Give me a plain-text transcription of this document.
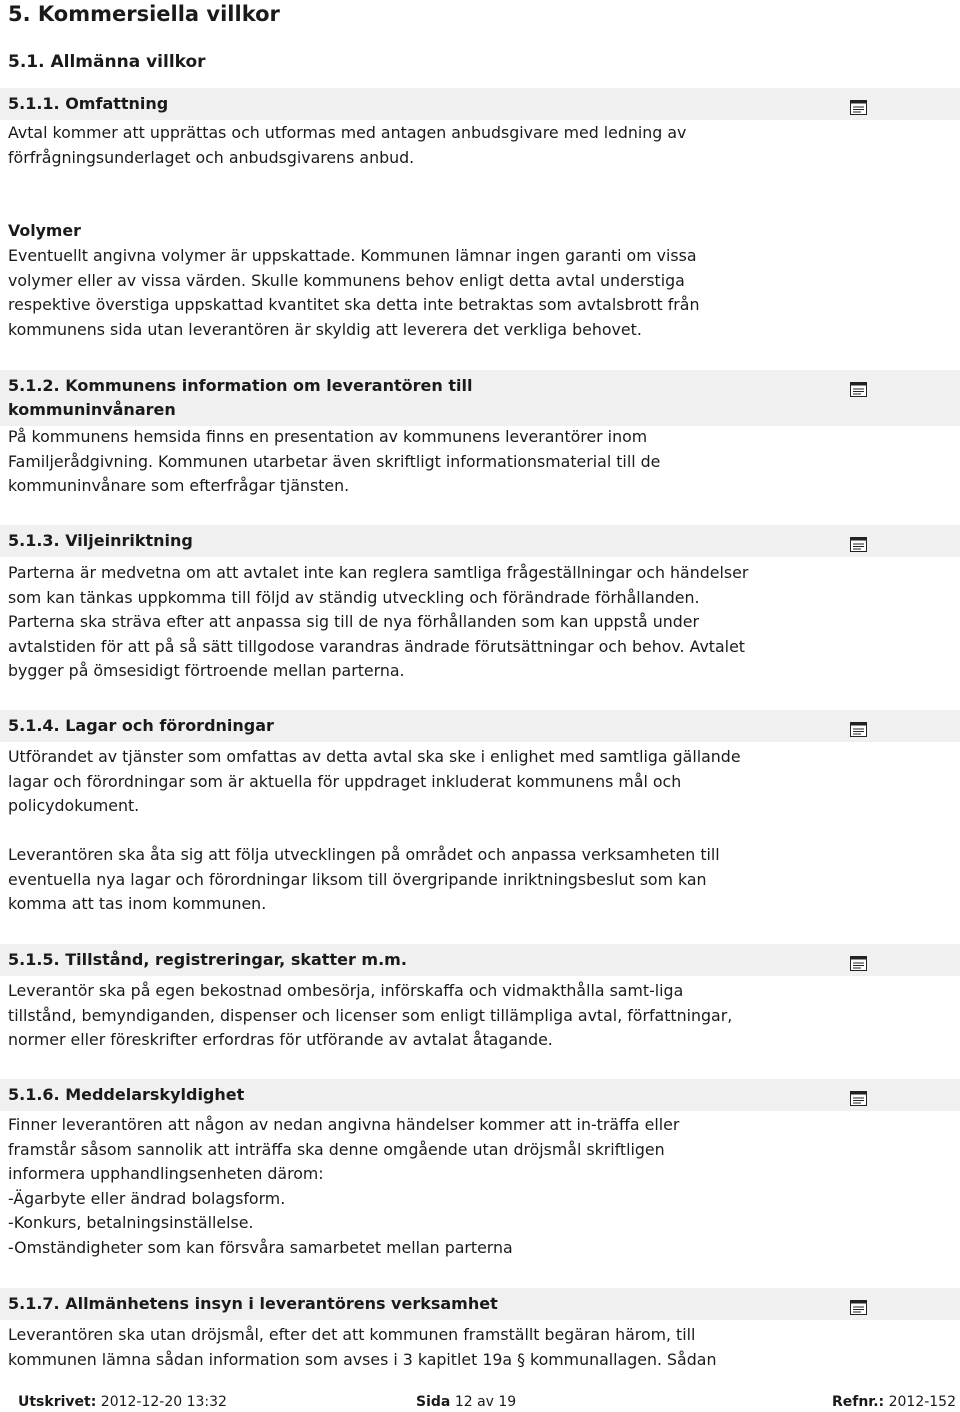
5. Kommersiella villkor
5.1. Allmänna villkor
5.1.1. Omfattning

Avtal kommer att upprättas och utformas med antagen anbudsgivare med ledning av
förfrågningsunderlaget och anbudsgivarens anbud.

Volymer

Eventuellt angivna volymer är uppskattade. Kommunen lämnar ingen garanti om vissa
volymer eller av vissa värden. Skulle kommunens behov enligt detta avtal understiga
respektive överstiga uppskattad kvantitet ska detta inte betraktas som avtalsbrott från
kommunens sida utan leverantören är skyldig att leverera det verkliga behovet.

5.1.2. Kommunens information om leverantören till
kommuninvånaren

På kommunens hemsida finns en presentation av kommunens leverantörer inom
Familjerådgivning. Kommunen utarbetar även skriftligt informationsmaterial till de
kommuninvånare som efterfrågar tjänsten.

5.1.3. Viljeinriktning

Parterna är medvetna om att avtalet inte kan reglera samtliga frågeställningar och händelser
som kan tänkas uppkomma till följd av ständig utveckling och förändrade förhållanden.
Parterna ska sträva efter att anpassa sig till de nya förhållanden som kan uppstå under
avtalstiden för att på så sätt tillgodose varandras ändrade förutsättningar och behov. Avtalet
bygger på ömsesidigt förtroende mellan parterna.

5.1.4. Lagar och förordningar

Utförandet av tjänster som omfattas av detta avtal ska ske i enlighet med samtliga gällande
lagar och förordningar som är aktuella för uppdraget inkluderat kommunens mål och
policydokument.

Leverantören ska åta sig att följa utvecklingen på området och anpassa verksamheten till
eventuella nya lagar och förordningar liksom till övergripande inriktningsbeslut som kan
komma att tas inom kommunen.

5.1.5. Tillstånd, registreringar, skatter m.m.

Leverantör ska på egen bekostnad ombesörja, införskaffa och vidmakthålla samt-liga
tillstånd, bemyndiganden, dispenser och licenser som enligt tillämpliga avtal, författningar,
normer eller föreskrifter erfordras för utförande av avtalat åtagande.

5.1.6. Meddelarskyldighet

Finner leverantören att någon av nedan angivna händelser kommer att in-träffa eller
framstår såsom sannolik att inträffa ska denne omgående utan dröjsmål skriftligen
informera upphandlingsenheten därom:
-Ägarbyte eller ändrad bolagsform.
-Konkurs, betalningsinställelse.
-Omständigheter som kan försvåra samarbetet mellan parterna

5.1.7. Allmänhetens insyn i leverantörens verksamhet

Leverantören ska utan dröjsmål, efter det att kommunen framställt begäran härom, till
kommunen lämna sådan information som avses i 3 kapitlet 19a § kommunallagen. Sådan

Utskrivet: 2012-12-20 13:32	Sida 12 av 19	Refnr.: 2012-152
